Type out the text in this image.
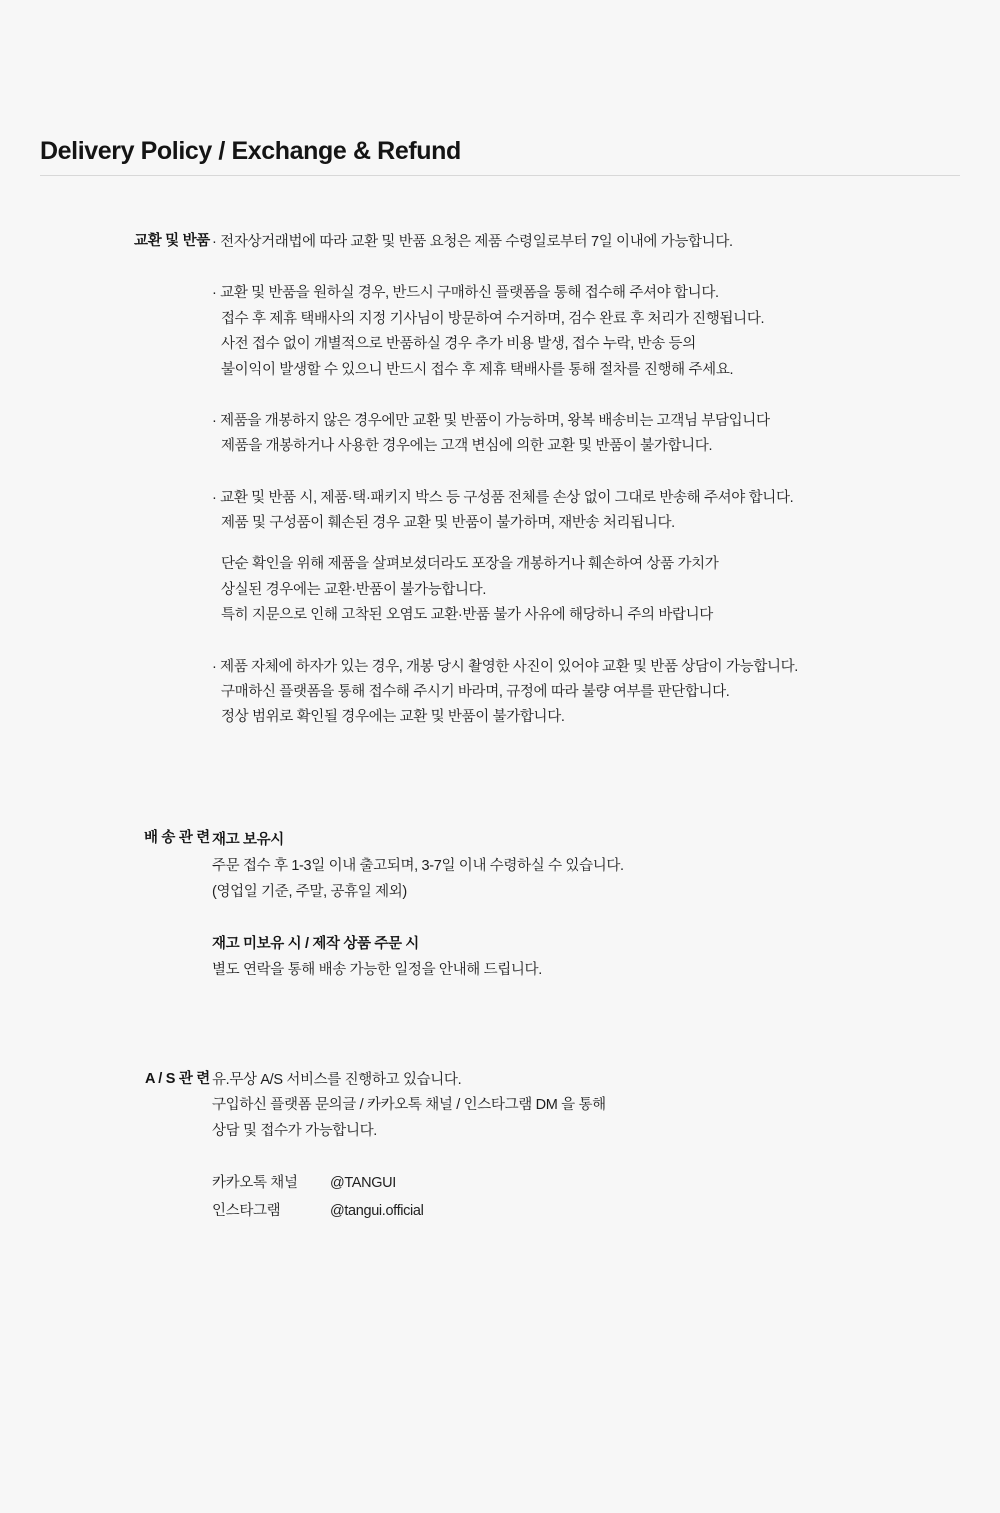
Delivery Policy / Exchange & Refund
교환 및 반품 · 전자상거래법에 따라 교환 및 반품 요청은 제품 수령일로부터 7일 이내에 가능합니다.
· 교환 및 반품을 원하실 경우, 반드시 구매하신 플랫폼을 통해 접수해 주셔야 합니다.
접수 후 제휴 택배사의 지정 기사님이 방문하여 수거하며, 검수 완료 후 처리가 진행됩니다.
사전 접수 없이 개별적으로 반품하실 경우 추가 비용 발생, 접수 누락, 반송 등의
불이익이 발생할 수 있으니 반드시 접수 후 제휴 택배사를 통해 절차를 진행해 주세요.
· 제품을 개봉하지 않은 경우에만 교환 및 반품이 가능하며, 왕복 배송비는 고객님 부담입니다
제품을 개봉하거나 사용한 경우에는 고객 변심에 의한 교환 및 반품이 불가합니다.
· 교환 및 반품 시, 제품·택·패키지 박스 등 구성품 전체를 손상 없이 그대로 반송해 주셔야 합니다.
제품 및 구성품이 훼손된 경우 교환 및 반품이 불가하며, 재반송 처리됩니다.
단순 확인을 위해 제품을 살펴보셨더라도 포장을 개봉하거나 훼손하여 상품 가치가
상실된 경우에는 교환·반품이 불가능합니다.
특히 지문으로 인해 고착된 오염도 교환·반품 불가 사유에 해당하니 주의 바랍니다
· 제품 자체에 하자가 있는 경우, 개봉 당시 촬영한 사진이 있어야 교환 및 반품 상담이 가능합니다.
구매하신 플랫폼을 통해 접수해 주시기 바라며, 규정에 따라 불량 여부를 판단합니다.
정상 범위로 확인될 경우에는 교환 및 반품이 불가합니다.
배 송 관 련 재고 보유시
주문 접수 후 1-3일 이내 출고되며, 3-7일 이내 수령하실 수 있습니다.
(영업일 기준, 주말, 공휴일 제외)
재고 미보유 시 / 제작 상품 주문 시
별도 연락을 통해 배송 가능한 일정을 안내해 드립니다.
A / S 관 련 유.무상 A/S 서비스를 진행하고 있습니다.
구입하신 플랫폼 문의글 / 카카오톡 채널 / 인스타그램 DM 을 통해
상담 및 접수가 가능합니다.
카카오톡 채널 @TANGUI
인스타그램	@tangui.official
